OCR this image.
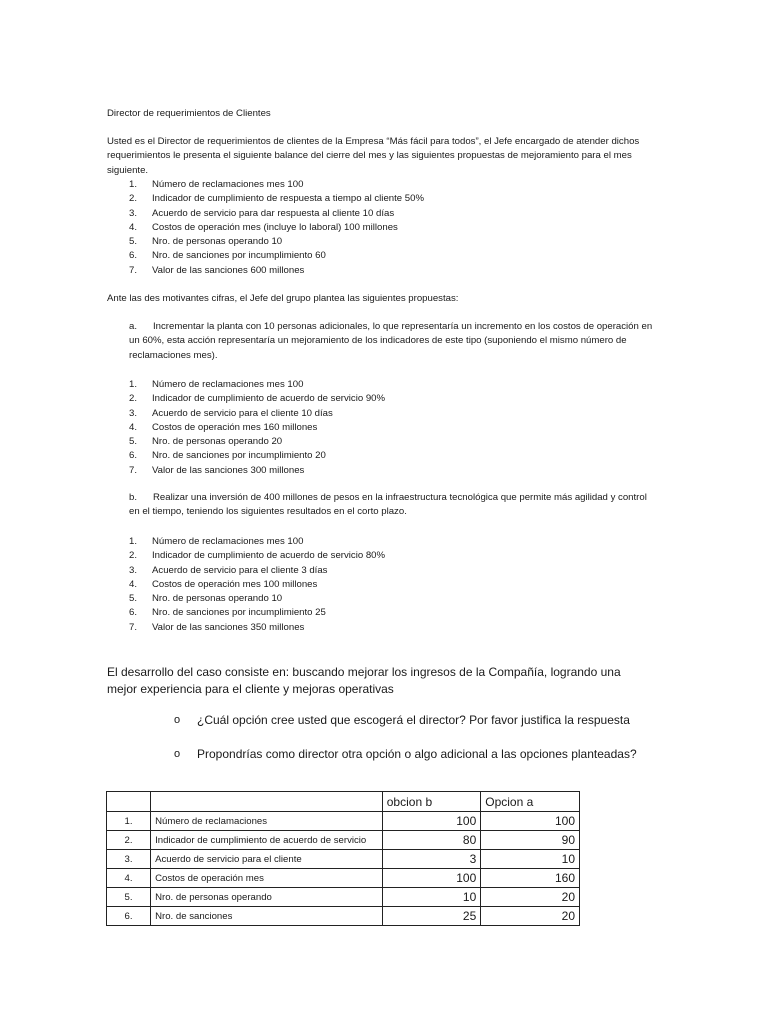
Director de requerimientos de Clientes
Usted es el Director de requerimientos de clientes de la Empresa “Más fácil para todos”, el Jefe encargado de atender dichos requerimientos le presenta el siguiente balance del cierre del mes y las siguientes propuestas de mejoramiento para el mes siguiente.
1.	Número de reclamaciones mes 100
2.	Indicador de cumplimiento de respuesta a tiempo al cliente 50%
3.	Acuerdo de servicio para dar respuesta al cliente 10 días
4.	Costos de operación mes (incluye lo laboral) 100 millones
5.	Nro. de personas operando 10
6.	Nro. de sanciones por incumplimiento 60
7.	Valor de las sanciones 600 millones
Ante las des motivantes cifras, el Jefe del grupo plantea las siguientes propuestas:
a. Incrementar la planta con 10 personas adicionales, lo que representaría un incremento en los costos de operación en un 60%, esta acción representaría un mejoramiento de los indicadores de este tipo (suponiendo el mismo número de reclamaciones mes).
1.	Número de reclamaciones mes 100
2.	Indicador de cumplimiento de acuerdo de servicio 90%
3.	Acuerdo de servicio para el cliente 10 días
4.	Costos de operación mes 160 millones
5.	Nro. de personas operando 20
6.	Nro. de sanciones por incumplimiento 20
7.	Valor de las sanciones 300 millones
b. Realizar una inversión de 400 millones de pesos en la infraestructura tecnológica que permite más agilidad y control en el tiempo, teniendo los siguientes resultados en el corto plazo.
1.	Número de reclamaciones mes 100
2.	Indicador de cumplimiento de acuerdo de servicio 80%
3.	Acuerdo de servicio para el cliente 3 días
4.	Costos de operación mes 100 millones
5.	Nro. de personas operando 10
6.	Nro. de sanciones por incumplimiento 25
7.	Valor de las sanciones 350 millones
El desarrollo del caso consiste en: buscando mejorar los ingresos de la Compañía, logrando una mejor experiencia para el cliente y mejoras operativas
o	¿Cuál opción cree usted que escogerá el director? Por favor justifica la respuesta
o	Propondrías como director otra opción o algo adicional a las opciones planteadas?
		obcion b	Opcion a
1.	Número de reclamaciones	100	100
2.	Indicador de cumplimiento de acuerdo de servicio	80	90
3.	Acuerdo de servicio para el cliente	3	10
4.	Costos de operación mes	100	160
5.	Nro. de personas operando	10	20
6.	Nro. de sanciones	25	20
